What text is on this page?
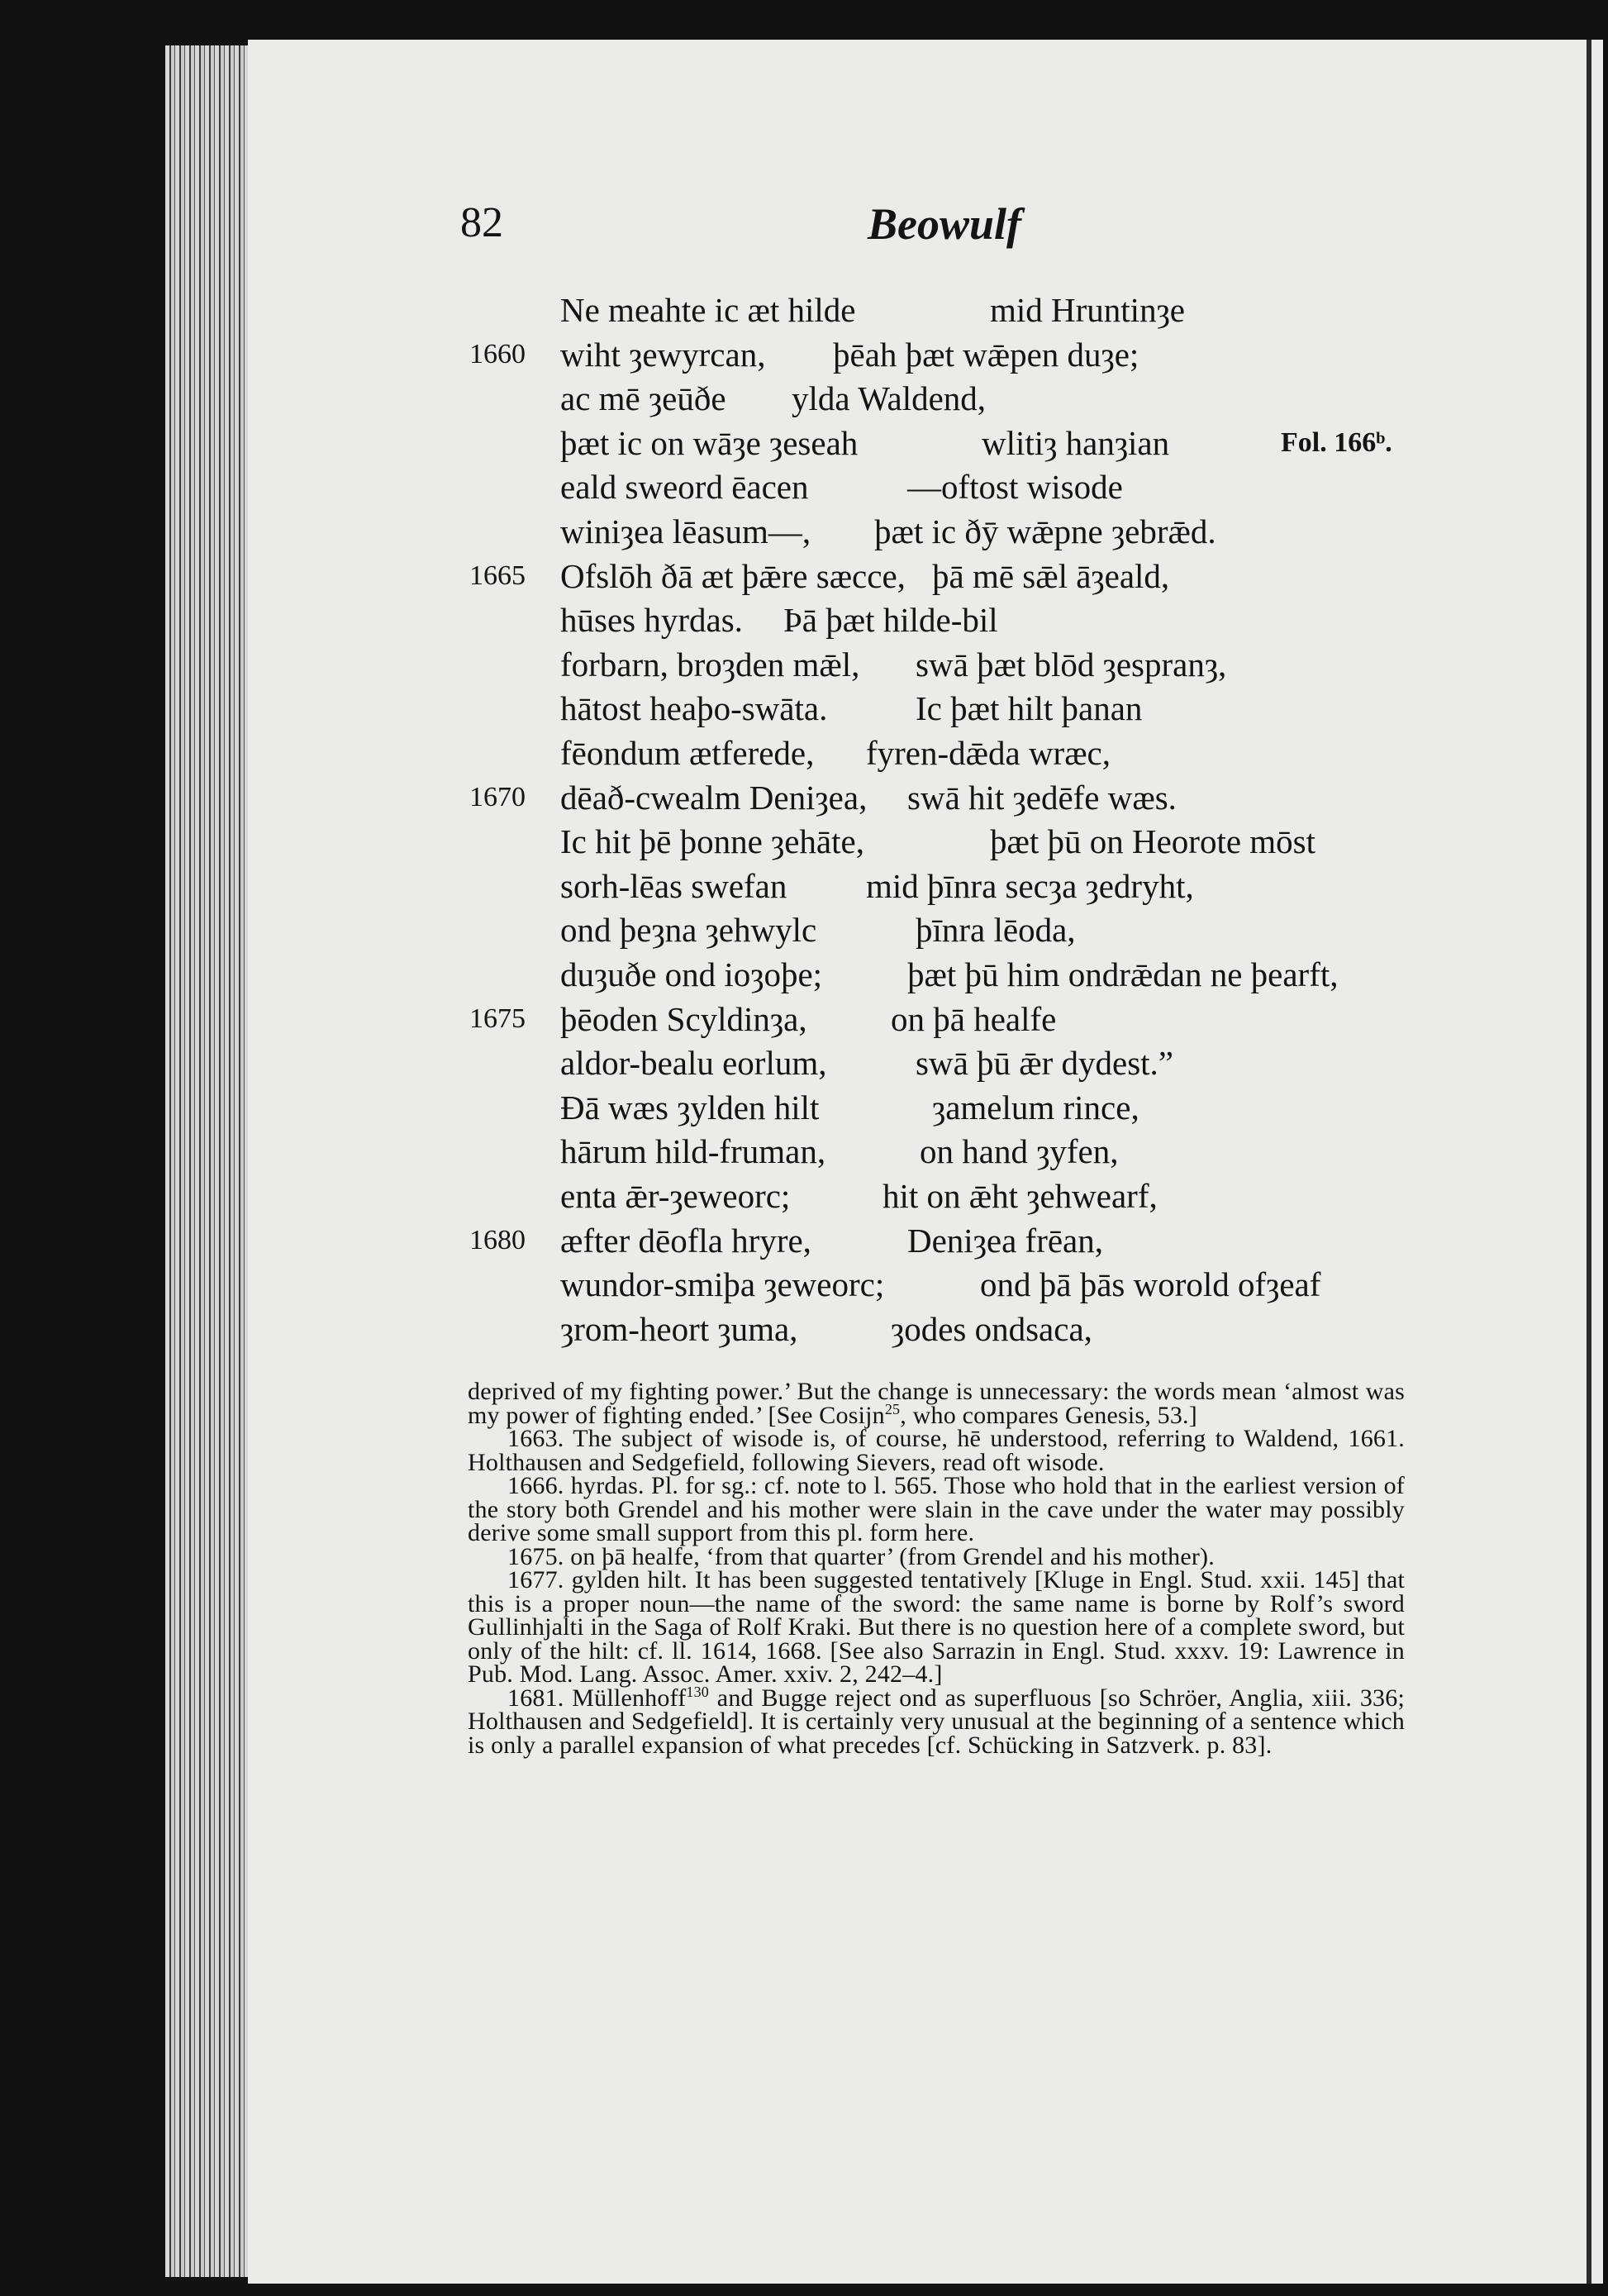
82	Beowulf
Ne meahte ic æt hilde	mid Hruntinȝe
1660 wiht ȝewyrcan, þēah þæt wǣpen duȝe;
ac mē ȝeūðe ylda Waldend,
þæt ic on wāȝe ȝeseah	wlitiȝ hanȝian	Fol. 166ᵇ.
eald sweord ēacen	—oftost wisode
winiȝea lēasum—, þæt ic ðȳ wǣpne ȝebrǣd.
1665 Ofslōh ðā æt þǣre sæcce, þā mē sǣl āȝeald,
hūses hyrdas. Þā þæt hilde-bil
forbarn, broȝden mǣl, swā þæt blōd ȝespranȝ,
hātost heaþo-swāta.	Ic þæt hilt þanan
fēondum ætferede, fyren-dǣda wræc,
1670 dēað-cwealm Deniȝea, swā hit ȝedēfe wæs.
Ic hit þē þonne ȝehāte,	þæt þū on Heorote mōst
sorh-lēas swefan mid þīnra secȝa ȝedryht,
ond þeȝna ȝehwylc	þīnra lēoda,
duȝuðe ond ioȝoþe;	þæt þū him ondrǣdan ne þearft,
1675 þēoden Scyldinȝa, on þā healfe
aldor-bealu eorlum,	swā þū ǣr dydest.”
Ðā wæs ȝylden hilt	ȝamelum rince,
hārum hild-fruman,	on hand ȝyfen,
enta ǣr-ȝeweorc;	hit on ǣht ȝehwearf,
1680 æfter dēofla hryre,	Deniȝea frēan,
wundor-smiþa ȝeweorc;	ond þā þās worold ofȝeaf
ȝrom-heort ȝuma,	ȝodes ondsaca,

deprived of my fighting power.’ But the change is unnecessary: the words mean ‘almost was my power of fighting ended.’ [See Cosijn$^{25}$, who compares Genesis, 53.]

1663. The subject of wisode is, of course, hē understood, referring to Waldend, 1661. Holthausen and Sedgefield, following Sievers, read oft wisode.

1666. hyrdas. Pl. for sg.: cf. note to l. 565. Those who hold that in the earliest version of the story both Grendel and his mother were slain in the cave under the water may possibly derive some small support from this pl. form here.

1675. on þā healfe, ‘from that quarter’ (from Grendel and his mother).

1677. gylden hilt. It has been suggested tentatively [Kluge in Engl. Stud. xxii. 145] that this is a proper noun—the name of the sword: the same name is borne by Rolf’s sword Gullinhjalti in the Saga of Rolf Kraki. But there is no question here of a complete sword, but only of the hilt: cf. ll. 1614, 1668. [See also Sarrazin in Engl. Stud. xxxv. 19: Lawrence in Pub. Mod. Lang. Assoc. Amer. xxiv. 2, 242–4.]

1681. Müllenhoff$^{130}$ and Bugge reject ond as superfluous [so Schröer, Anglia, xiii. 336; Holthausen and Sedgefield]. It is certainly very unusual at the beginning of a sentence which is only a parallel expansion of what precedes [cf. Schücking in Satzverk. p. 83].
